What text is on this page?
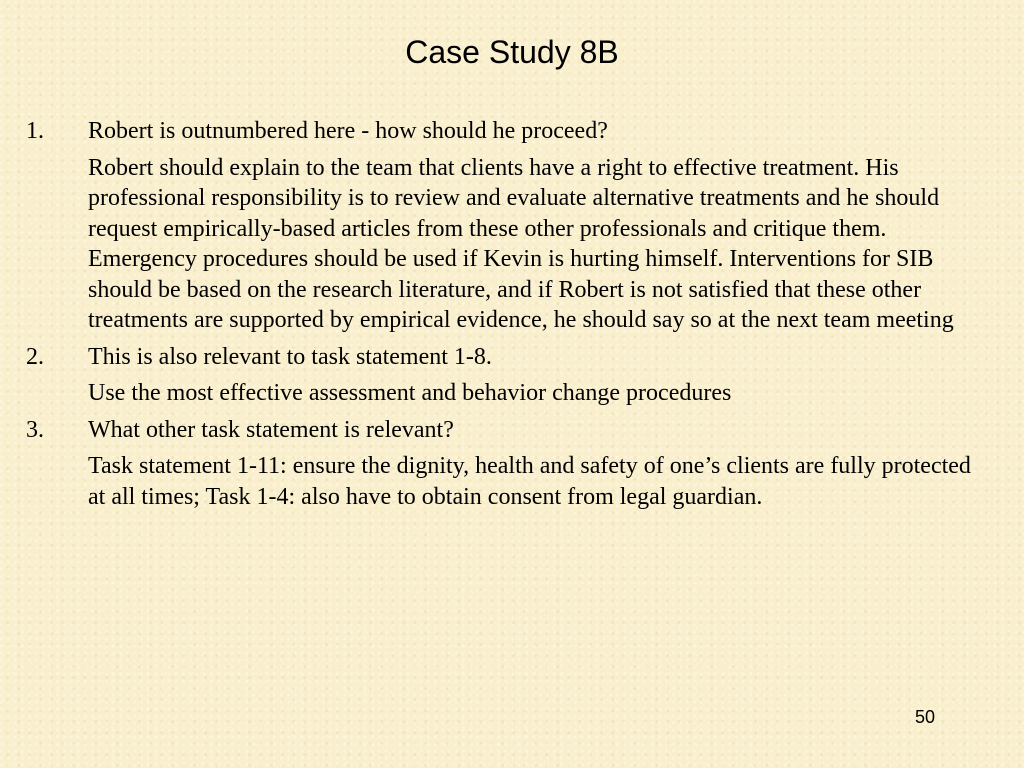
Case Study 8B
1.	Robert is outnumbered here - how should he proceed?
Robert should explain to the team that clients have a right to effective treatment. His professional responsibility is to review and evaluate alternative treatments and he should request empirically-based articles from these other professionals and critique them. Emergency procedures should be used if Kevin is hurting himself. Interventions for SIB should be based on the research literature, and if Robert is not satisfied that these other treatments are supported by empirical evidence, he should say so at the next team meeting
2.	This is also relevant to task statement 1-8.
Use the most effective assessment and behavior change procedures
3.	What other task statement is relevant?
Task statement 1-11: ensure the dignity, health and safety of one’s clients are fully protected at all times; Task 1-4: also have to obtain consent from legal guardian.
50
